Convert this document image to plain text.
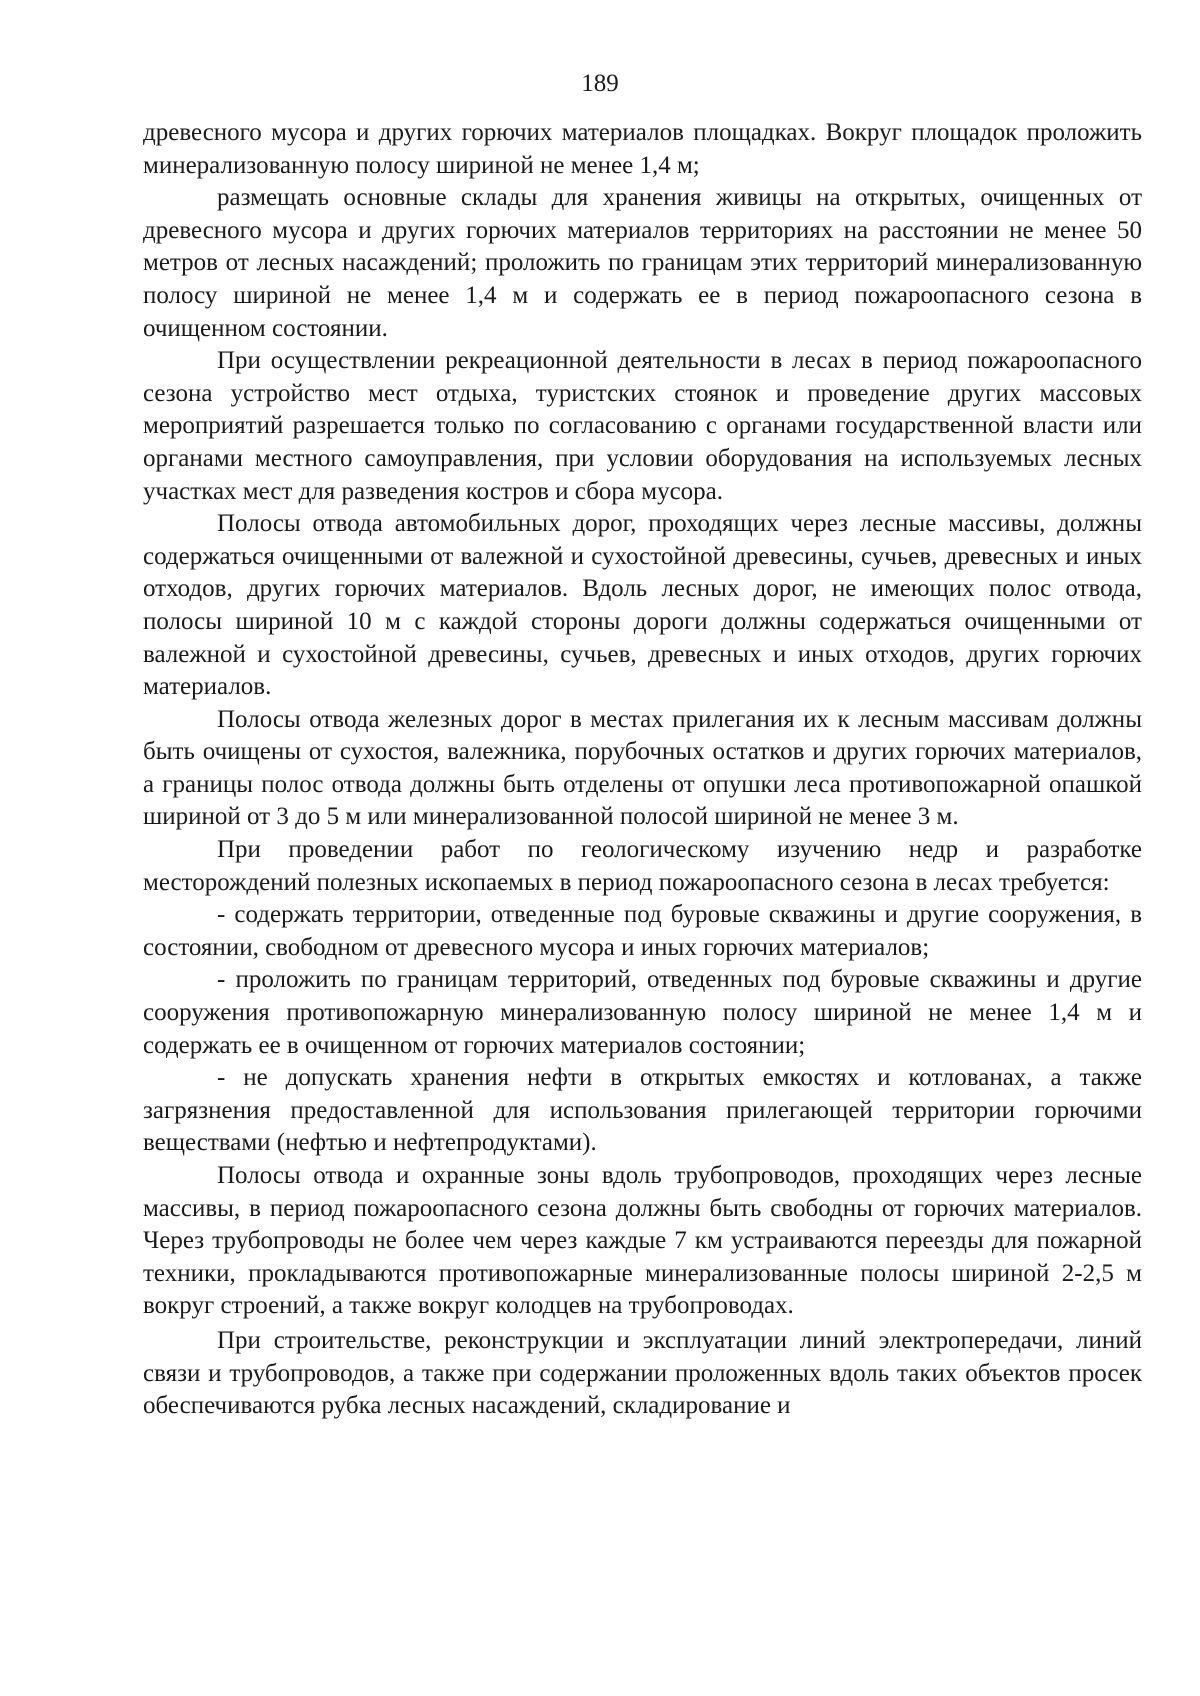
189

древесного мусора и других горючих материалов площадках. Вокруг площадок проложить минерализованную полосу шириной не менее 1,4 м;

размещать основные склады для хранения живицы на открытых, очищенных от древесного мусора и других горючих материалов территориях на расстоянии не менее 50 метров от лесных насаждений; проложить по границам этих территорий минерализованную полосу шириной не менее 1,4 м и содержать ее в период пожароопасного сезона в очищенном состоянии.

При осуществлении рекреационной деятельности в лесах в период пожароопасного сезона устройство мест отдыха, туристских стоянок и проведение других массовых мероприятий разрешается только по согласованию с органами государственной власти или органами местного самоуправления, при условии оборудования на используемых лесных участках мест для разведения костров и сбора мусора.

Полосы отвода автомобильных дорог, проходящих через лесные массивы, должны содержаться очищенными от валежной и сухостойной древесины, сучьев, древесных и иных отходов, других горючих материалов. Вдоль лесных дорог, не имеющих полос отвода, полосы шириной 10 м с каждой стороны дороги должны содержаться очищенными от валежной и сухостойной древесины, сучьев, древесных и иных отходов, других горючих материалов.

Полосы отвода железных дорог в местах прилегания их к лесным массивам должны быть очищены от сухостоя, валежника, порубочных остатков и других горючих материалов, а границы полос отвода должны быть отделены от опушки леса противопожарной опашкой шириной от 3 до 5 м или минерализованной полосой шириной не менее 3 м.

При проведении работ по геологическому изучению недр и разработке месторождений полезных ископаемых в период пожароопасного сезона в лесах требуется:

- содержать территории, отведенные под буровые скважины и другие сооружения, в состоянии, свободном от древесного мусора и иных горючих материалов;

- проложить по границам территорий, отведенных под буровые скважины и другие сооружения противопожарную минерализованную полосу шириной не менее 1,4 м и содержать ее в очищенном от горючих материалов состоянии;

- не допускать хранения нефти в открытых емкостях и котлованах, а также загрязнения предоставленной для использования прилегающей территории горючими веществами (нефтью и нефтепродуктами).

Полосы отвода и охранные зоны вдоль трубопроводов, проходящих через лесные массивы, в период пожароопасного сезона должны быть свободны от горючих материалов. Через трубопроводы не более чем через каждые 7 км устраиваются переезды для пожарной техники, прокладываются противопожарные минерализованные полосы шириной 2-2,5 м вокруг строений, а также вокруг колодцев на трубопроводах.

При строительстве, реконструкции и эксплуатации линий электропередачи, линий связи и трубопроводов, а также при содержании проложенных вдоль таких объектов просек обеспечиваются рубка лесных насаждений, складирование и
